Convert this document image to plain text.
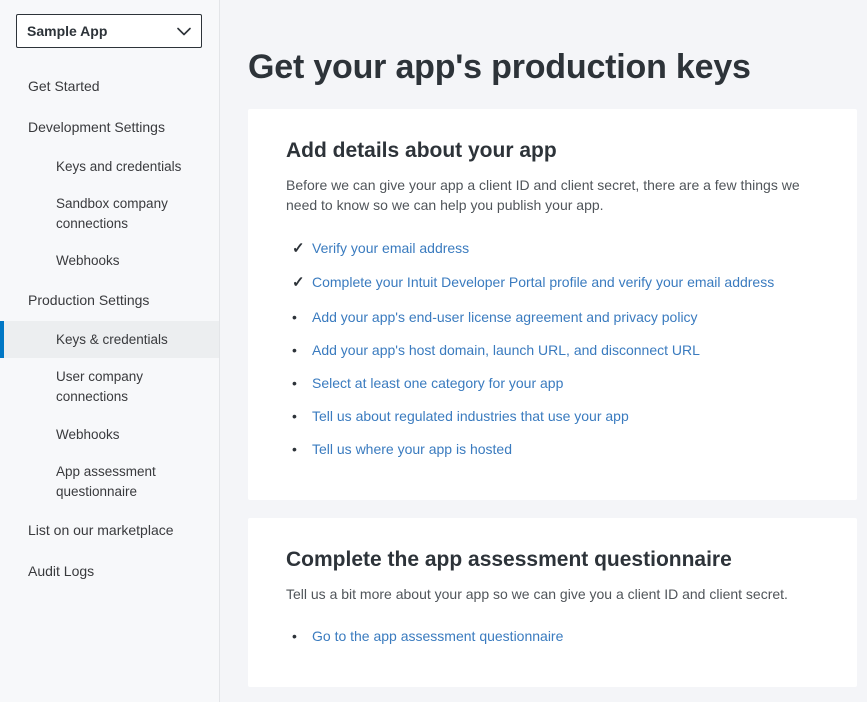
Sample App
Get Started
Development Settings
Keys and credentials
Sandbox company connections
Webhooks
Production Settings
Keys & credentials
User company connections
Webhooks
App assessment questionnaire
List on our marketplace
Audit Logs
Get your app's production keys
Add details about your app

Before we can give your app a client ID and client secret, there are a few things we need to know so we can help you publish your app.

✓ Verify your email address
✓ Complete your Intuit Developer Portal profile and verify your email address
•	Add your app's end-user license agreement and privacy policy
•	Add your app's host domain, launch URL, and disconnect URL
•	Select at least one category for your app
•	Tell us about regulated industries that use your app
•	Tell us where your app is hosted
Complete the app assessment questionnaire

Tell us a bit more about your app so we can give you a client ID and client secret.

•	Go to the app assessment questionnaire
